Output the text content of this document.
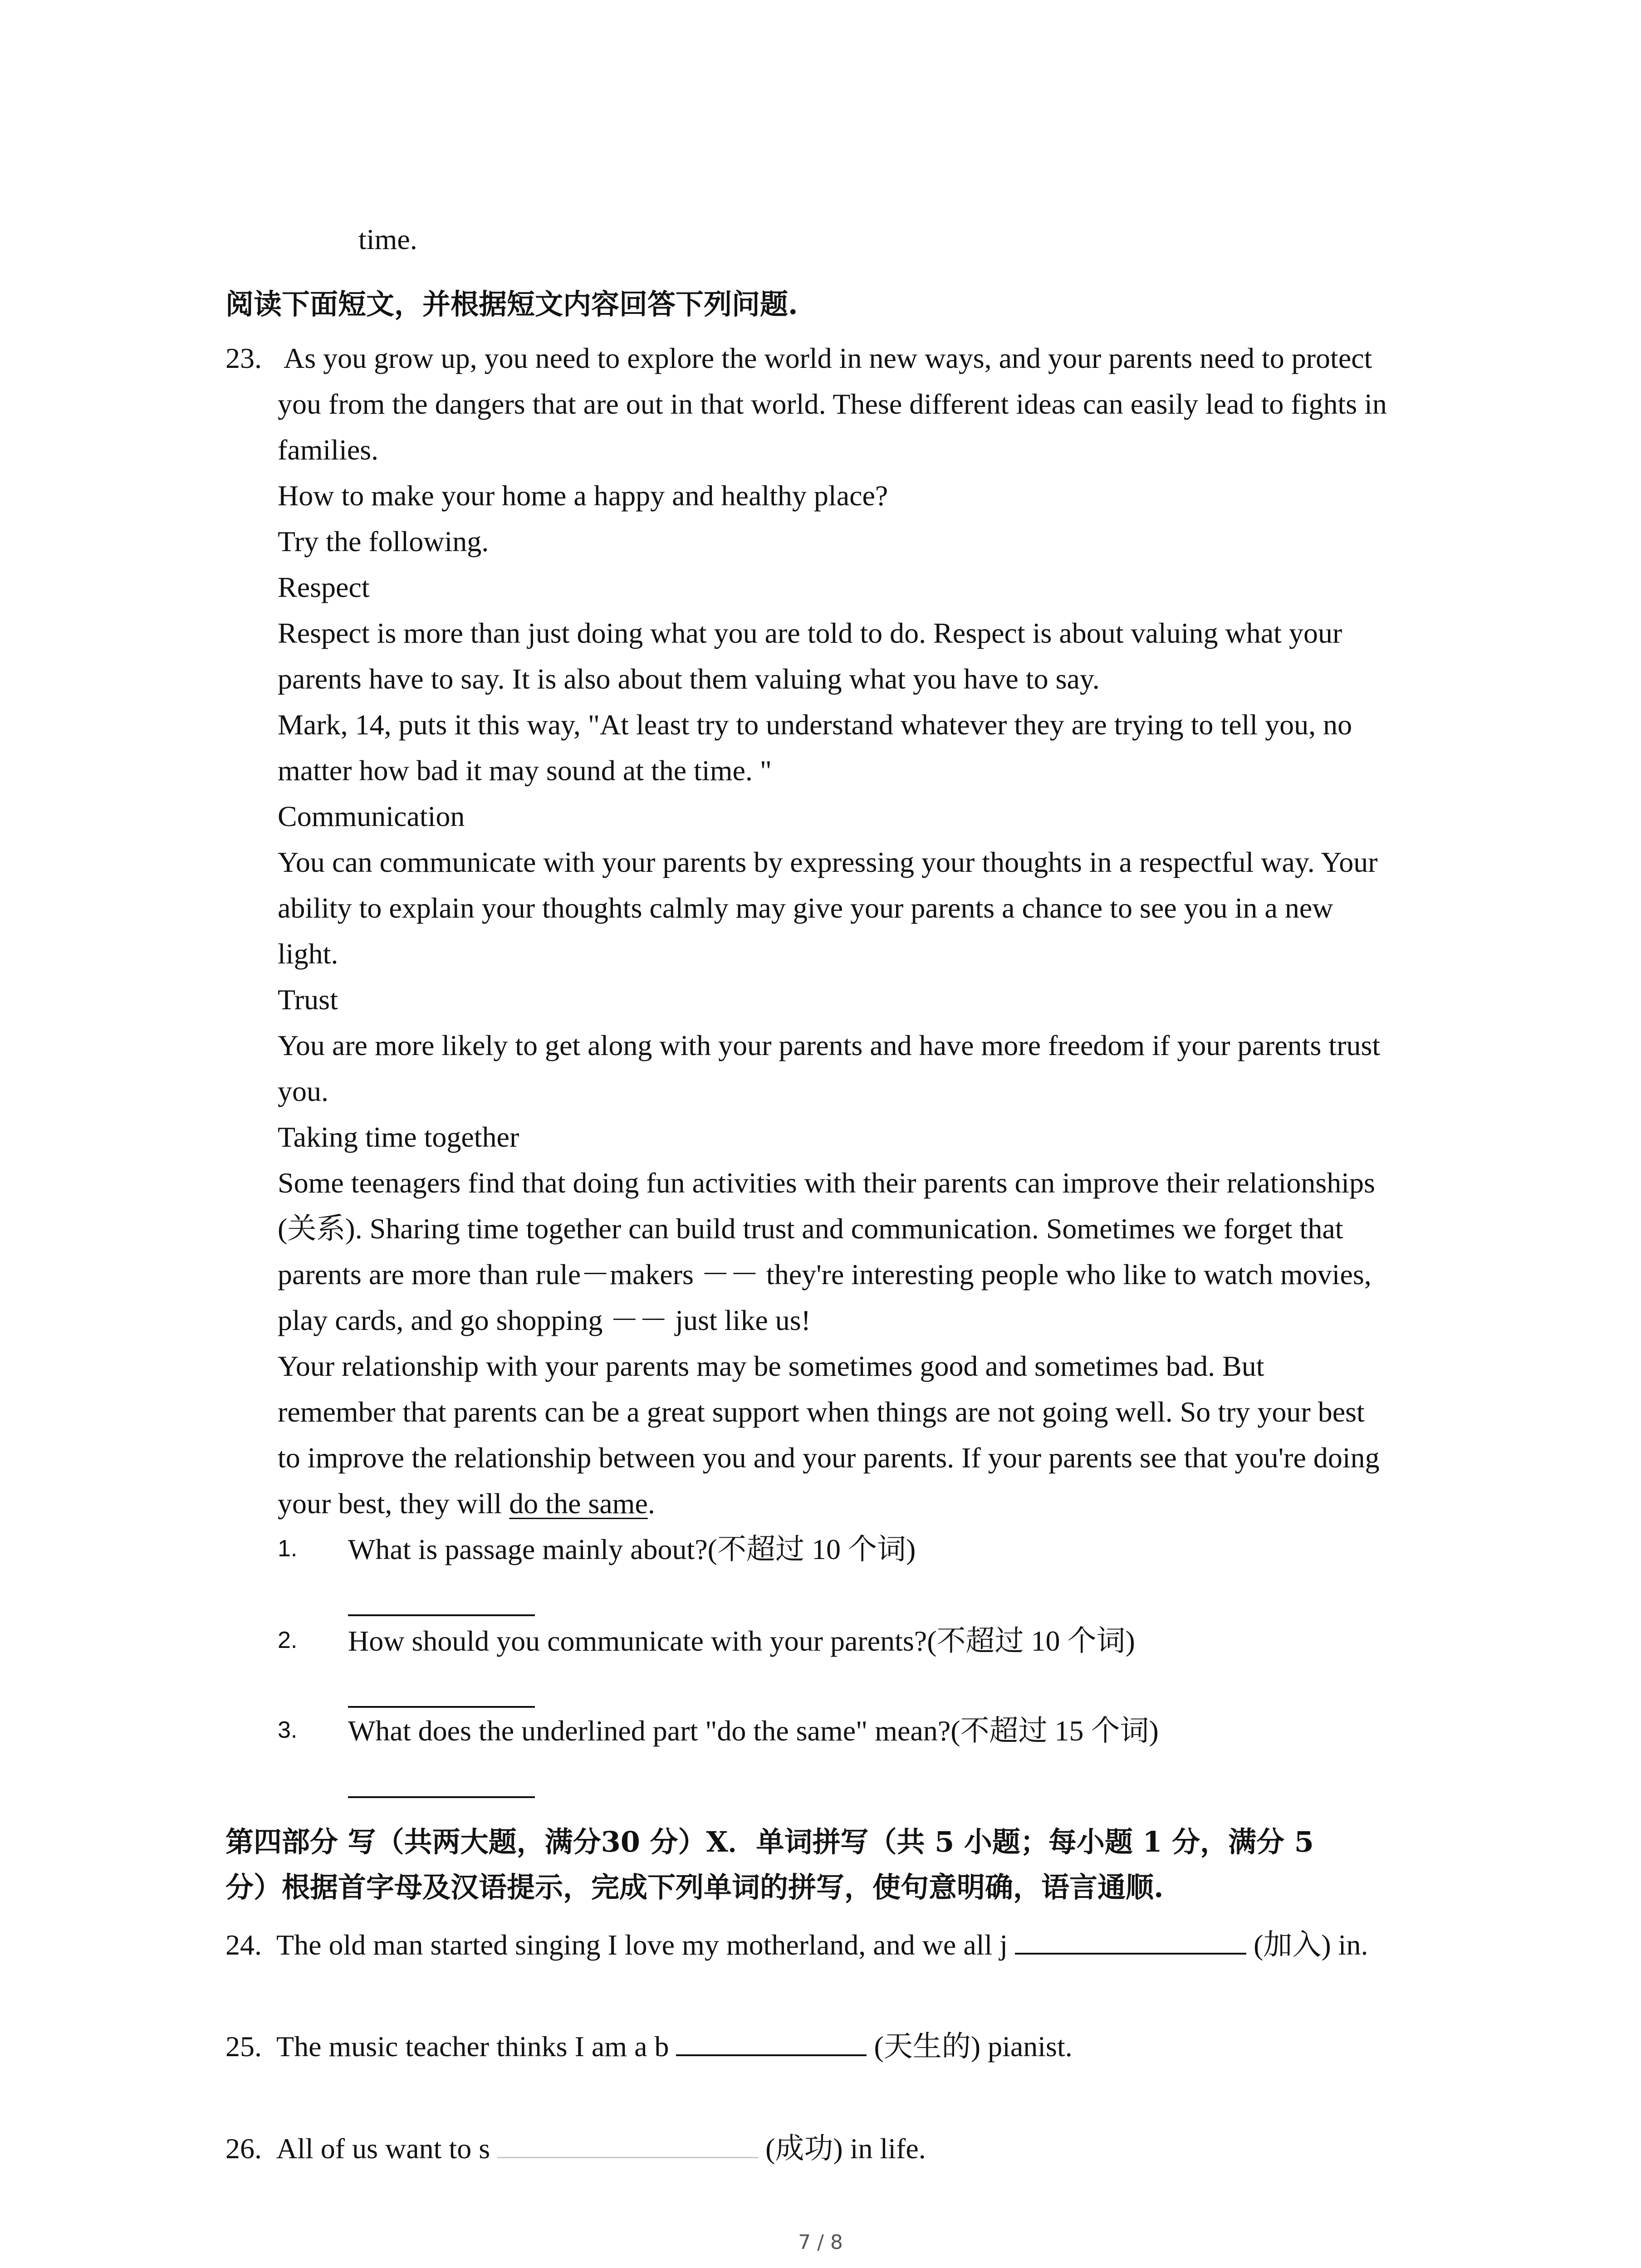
time.

阅读下面短文，并根据短文内容回答下列问题.

23. As you grow up, you need to explore the world in new ways, and your parents need to protect

you from the dangers that are out in that world. These different ideas can easily lead to fights in

families.

How to make your home a happy and healthy place?

Try the following.

Respect

Respect is more than just doing what you are told to do. Respect is about valuing what your

parents have to say. It is also about them valuing what you have to say.

Mark, 14, puts it this way, "At least try to understand whatever they are trying to tell you, no

matter how bad it may sound at the time. "

Communication

You can communicate with your parents by expressing your thoughts in a respectful way. Your

ability to explain your thoughts calmly may give your parents a chance to see you in a new

light.

Trust

You are more likely to get along with your parents and have more freedom if your parents trust

you.

Taking time together

Some teenagers find that doing fun activities with their parents can improve their relationships

(关系). Sharing time together can build trust and communication. Sometimes we forget that

parents are more than rule－makers －－ they're interesting people who like to watch movies,

play cards, and go shopping －－ just like us!

Your relationship with your parents may be sometimes good and sometimes bad. But

remember that parents can be a great support when things are not going well. So try your best

to improve the relationship between you and your parents. If your parents see that you're doing

your best, they will do the same.

1. What is passage mainly about?(不超过 10 个词)

2. How should you communicate with your parents?(不超过 10 个词)

3. What does the underlined part "do the same" mean?(不超过 15 个词)

第四部分 写（共两大题，满分30 分）X．单词拼写（共 5 小题；每小题 1 分，满分 5

分）根据首字母及汉语提示，完成下列单词的拼写，使句意明确，语言通顺.

24. The old man started singing I love my motherland, and we all j	(加入) in.

25. The music teacher thinks I am a b	(天生的) pianist.

26. All of us want to s	(成功) in life.

7 / 8
